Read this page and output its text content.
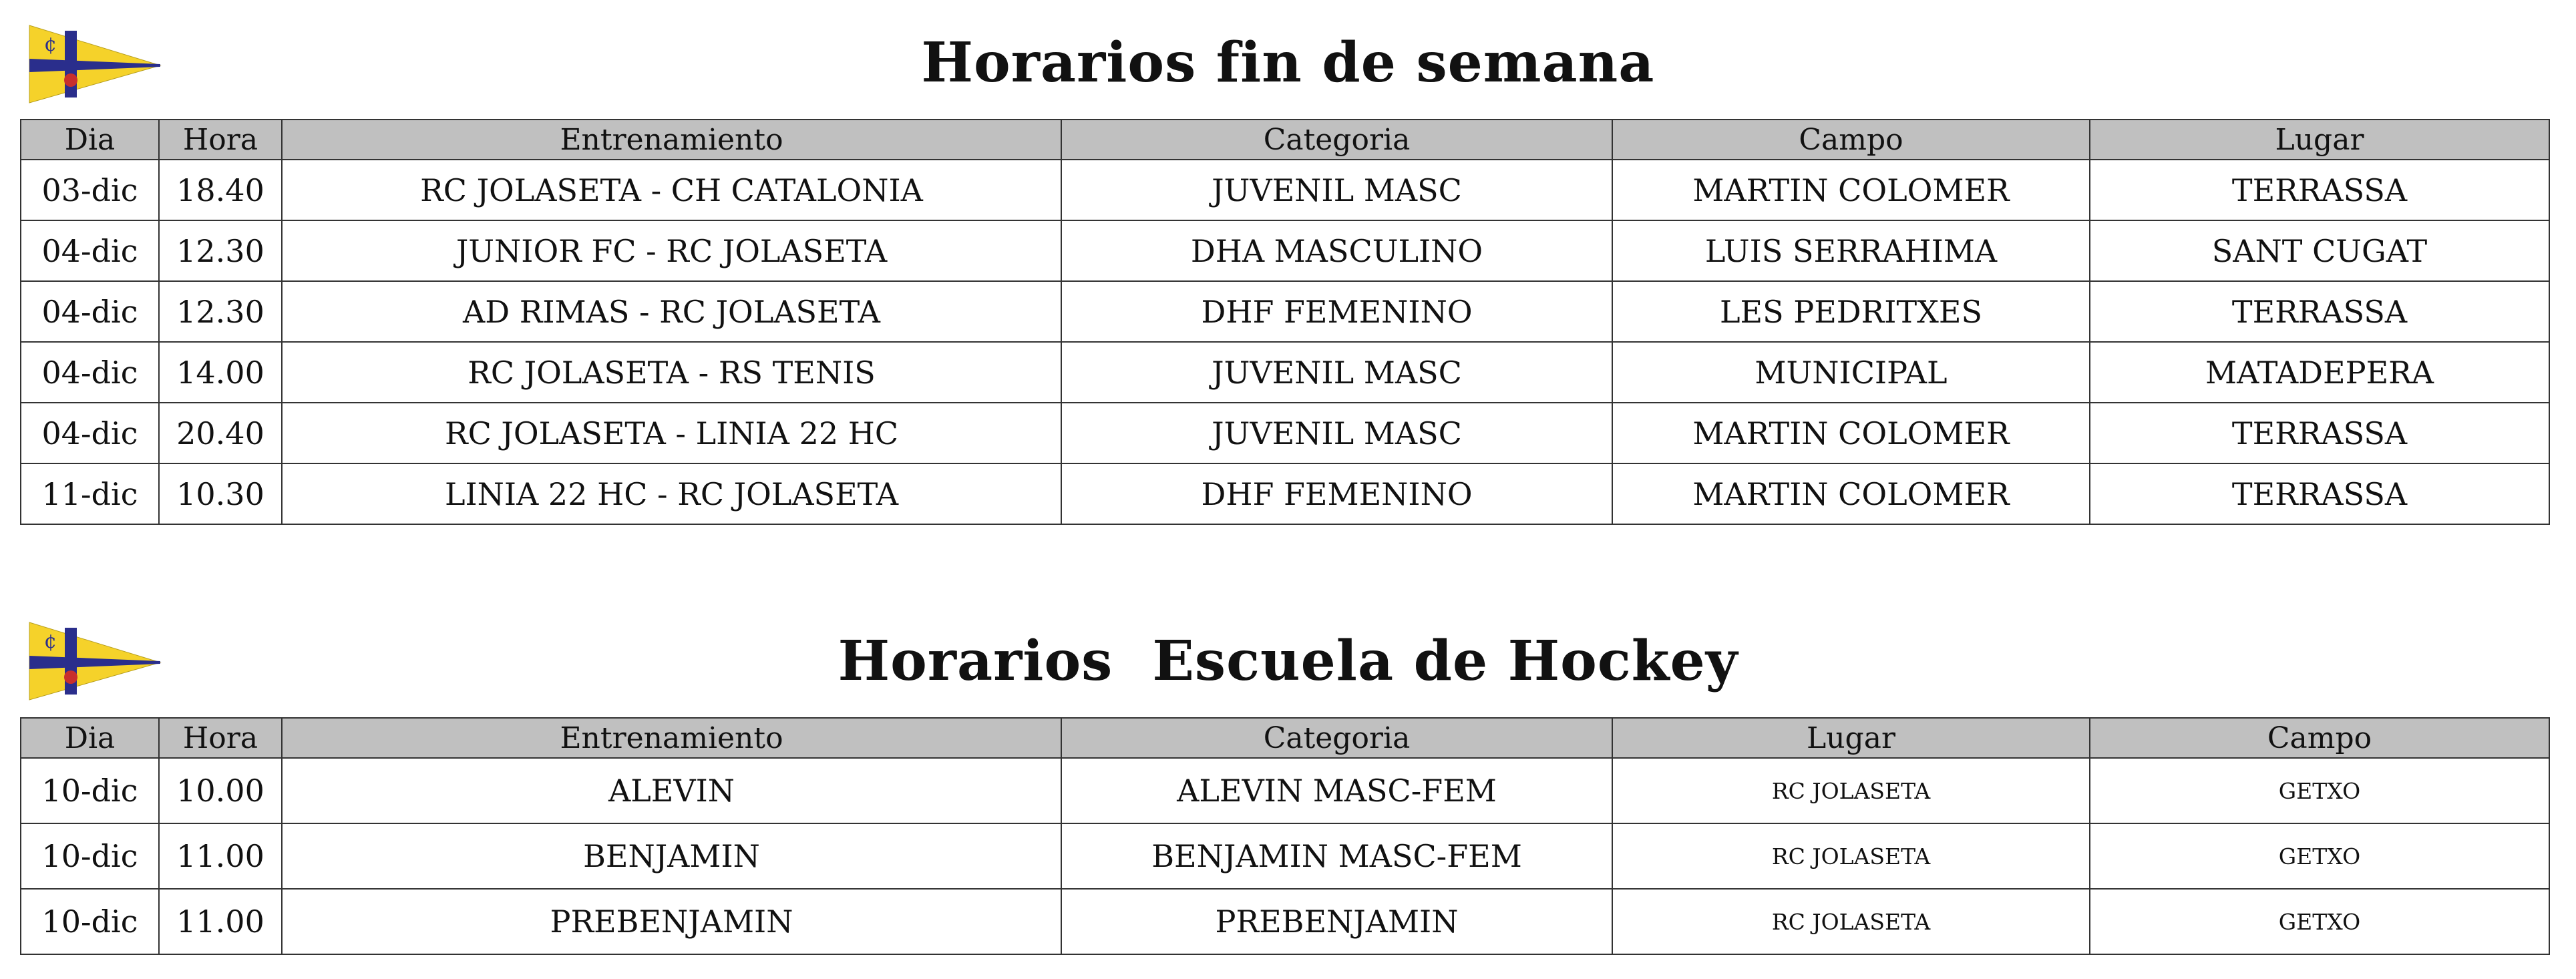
¢	Horarios fin de semana
Dia	Hora	Entrenamiento	Categoria	Campo	Lugar
03-dic	18.40	RC JOLASETA - CH CATALONIA	JUVENIL MASC	MARTIN COLOMER	TERRASSA
04-dic	12.30	JUNIOR FC - RC JOLASETA	DHA MASCULINO	LUIS SERRAHIMA	SANT CUGAT
04-dic	12.30	AD RIMAS - RC JOLASETA	DHF FEMENINO	LES PEDRITXES	TERRASSA
04-dic	14.00	RC JOLASETA - RS TENIS	JUVENIL MASC	MUNICIPAL	MATADEPERA
04-dic	20.40	RC JOLASETA - LINIA 22 HC	JUVENIL MASC	MARTIN COLOMER	TERRASSA
11-dic	10.30	LINIA 22 HC - RC JOLASETA	DHF FEMENINO	MARTIN COLOMER	TERRASSA
¢	Horarios  Escuela de Hockey
Dia	Hora	Entrenamiento	Categoria	Lugar	Campo
10-dic	10.00	ALEVIN	ALEVIN MASC-FEM	RC JOLASETA	GETXO
10-dic	11.00	BENJAMIN	BENJAMIN MASC-FEM	RC JOLASETA	GETXO
10-dic	11.00	PREBENJAMIN	PREBENJAMIN	RC JOLASETA	GETXO
